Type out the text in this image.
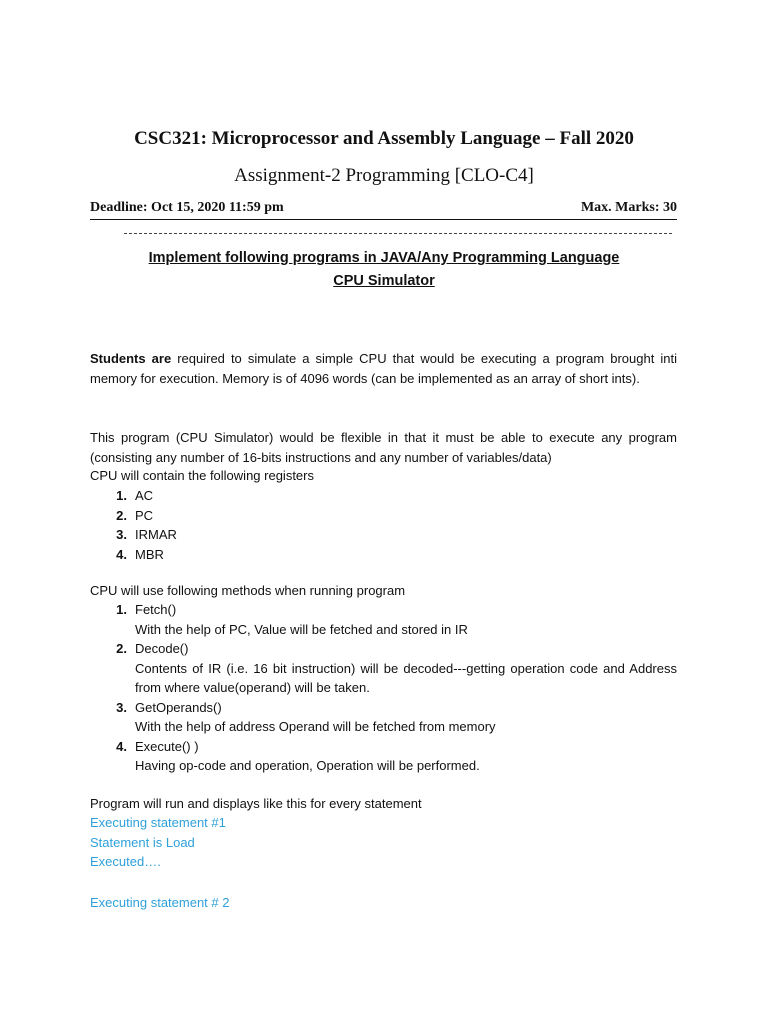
CSC321: Microprocessor and Assembly Language – Fall 2020
Assignment-2 Programming [CLO-C4]
Deadline: Oct 15, 2020 11:59 pm	Max. Marks: 30
Implement following programs in JAVA/Any Programming Language
CPU Simulator
Students are required to simulate a simple CPU that would be executing a program brought inti memory for execution. Memory is of 4096 words (can be implemented as an array of short ints).
This program (CPU Simulator) would be flexible in that it must be able to execute any program (consisting any number of 16-bits instructions and any number of variables/data)
CPU will contain the following registers
1. AC
2. PC
3. IRMAR
4. MBR
CPU will use following methods when running program
1. Fetch()
With the help of PC, Value will be fetched and stored in IR
2. Decode()
Contents of IR (i.e. 16 bit instruction) will be decoded---getting operation code and Address from where value(operand) will be taken.
3. GetOperands()
With the help of address Operand will be fetched from memory
4. Execute() )
Having op-code and operation, Operation will be performed.
Program will run and displays like this for every statement
Executing statement #1
Statement is Load
Executed….
Executing statement # 2
